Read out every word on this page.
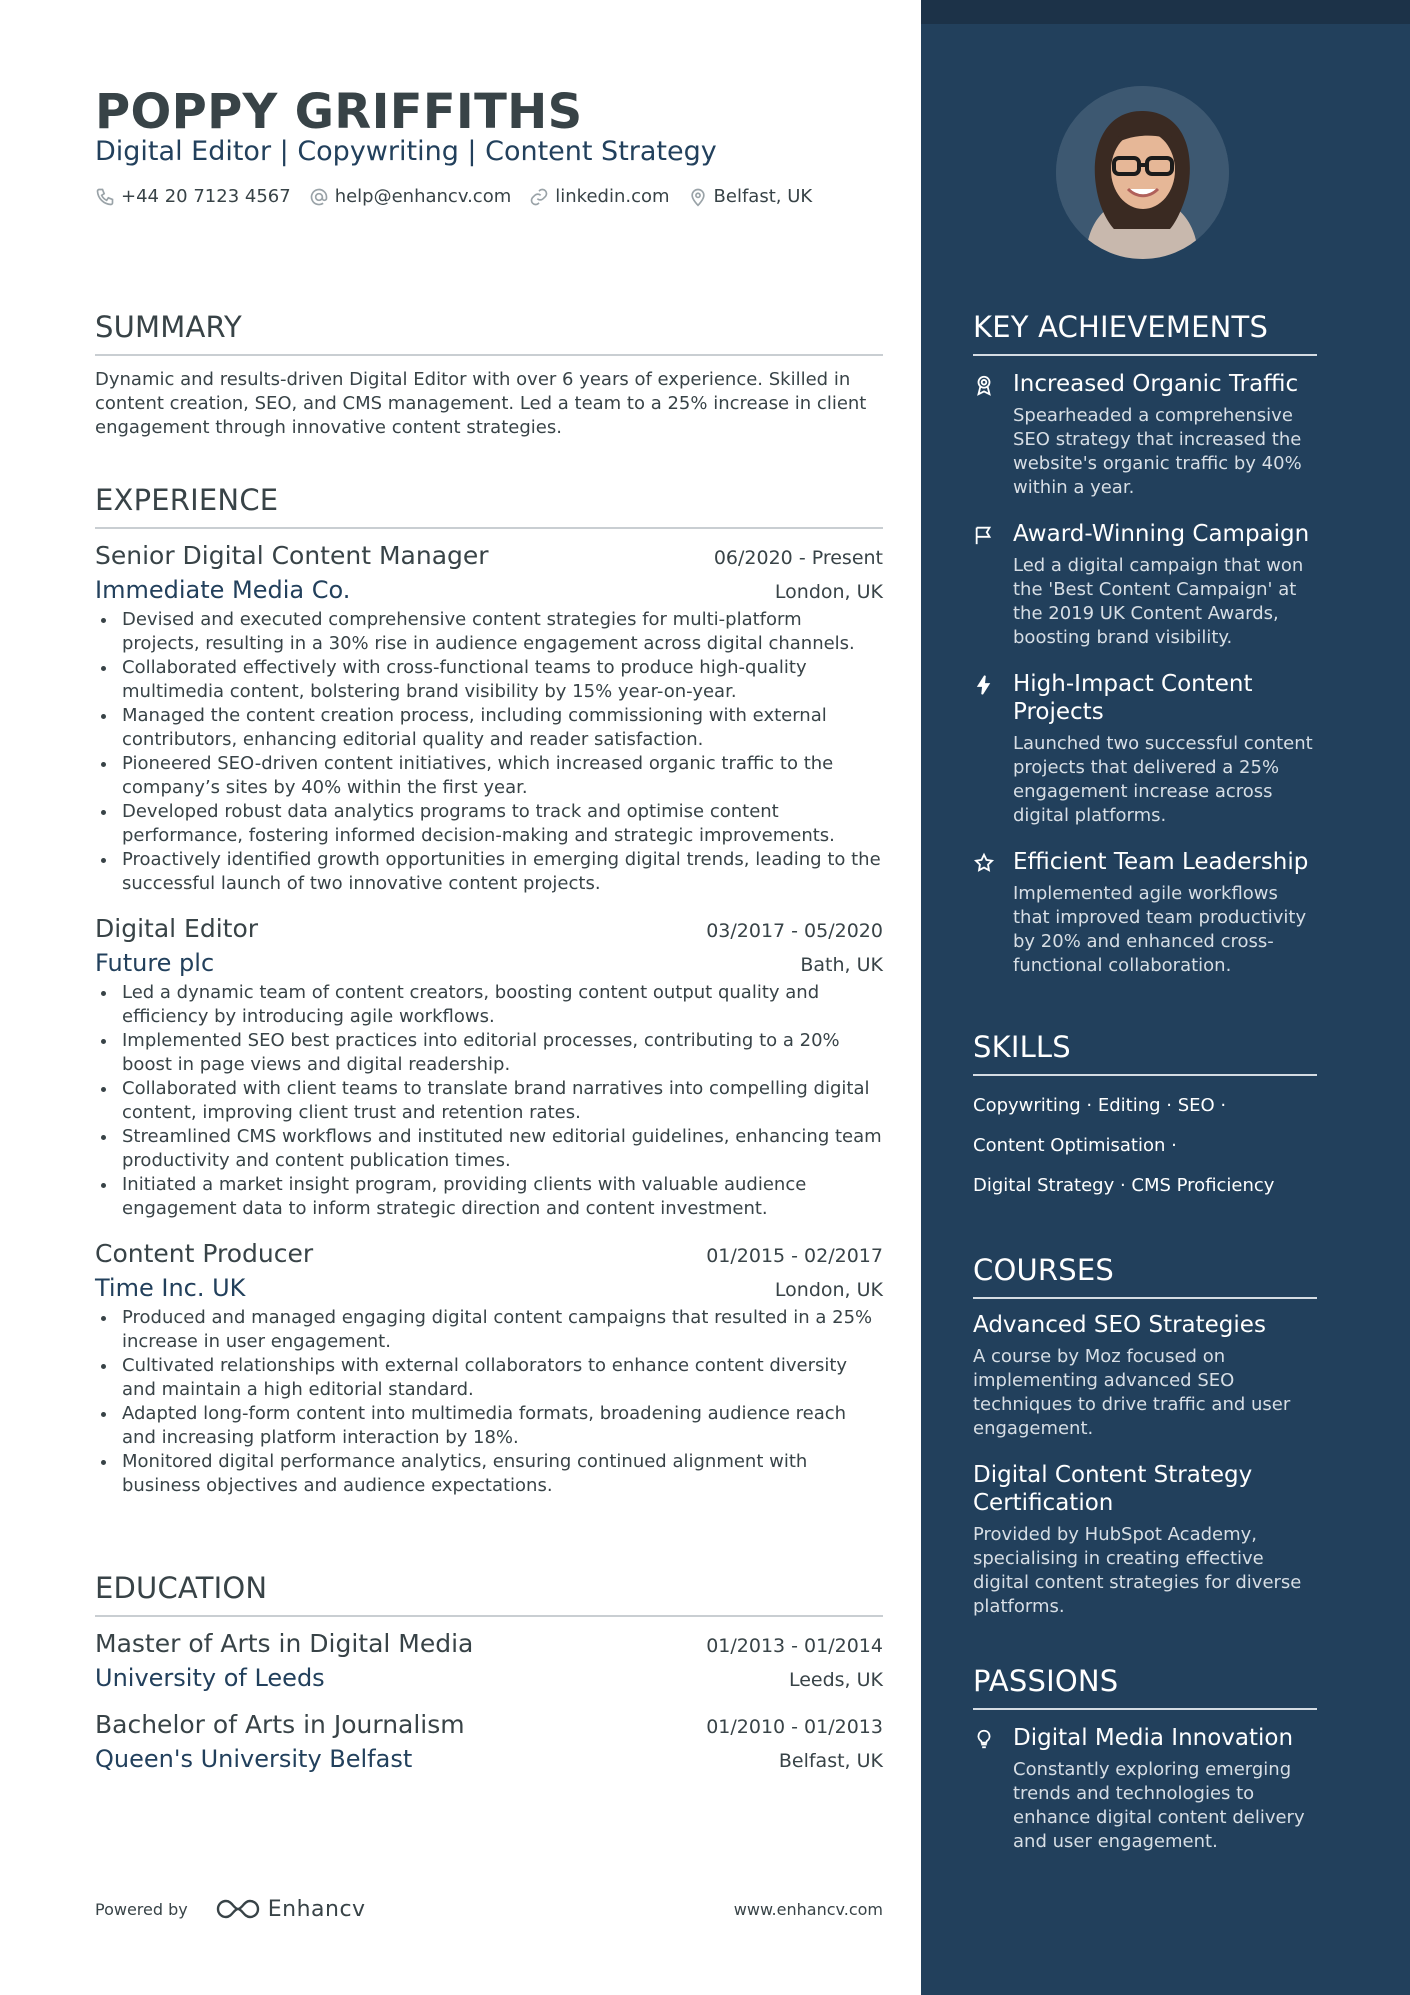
POPPY GRIFFITHS
Digital Editor | Copywriting | Content Strategy
+44 20 7123 4567 help@enhancv.com linkedin.com Belfast, UK
SUMMARY
Dynamic and results-driven Digital Editor with over 6 years of experience. Skilled in content creation, SEO, and CMS management. Led a team to a 25% increase in client engagement through innovative content strategies.
EXPERIENCE
Senior Digital Content Manager	06/2020 - Present
Immediate Media Co.	London, UK
Devised and executed comprehensive content strategies for multi-platform projects, resulting in a 30% rise in audience engagement across digital channels.
Collaborated effectively with cross-functional teams to produce high-quality multimedia content, bolstering brand visibility by 15% year-on-year.
Managed the content creation process, including commissioning with external contributors, enhancing editorial quality and reader satisfaction.
Pioneered SEO-driven content initiatives, which increased organic traffic to the company’s sites by 40% within the first year.
Developed robust data analytics programs to track and optimise content performance, fostering informed decision-making and strategic improvements.
Proactively identified growth opportunities in emerging digital trends, leading to the successful launch of two innovative content projects.
Digital Editor	03/2017 - 05/2020
Future plc	Bath, UK
Led a dynamic team of content creators, boosting content output quality and efficiency by introducing agile workflows.
Implemented SEO best practices into editorial processes, contributing to a 20% boost in page views and digital readership.
Collaborated with client teams to translate brand narratives into compelling digital content, improving client trust and retention rates.
Streamlined CMS workflows and instituted new editorial guidelines, enhancing team productivity and content publication times.
Initiated a market insight program, providing clients with valuable audience engagement data to inform strategic direction and content investment.
Content Producer	01/2015 - 02/2017
Time Inc. UK	London, UK
Produced and managed engaging digital content campaigns that resulted in a 25% increase in user engagement.
Cultivated relationships with external collaborators to enhance content diversity and maintain a high editorial standard.
Adapted long-form content into multimedia formats, broadening audience reach and increasing platform interaction by 18%.
Monitored digital performance analytics, ensuring continued alignment with business objectives and audience expectations.
EDUCATION
Master of Arts in Digital Media	01/2013 - 01/2014
University of Leeds	Leeds, UK
Bachelor of Arts in Journalism	01/2010 - 01/2013
Queen's University Belfast	Belfast, UK
Powered by	Enhancv	www.enhancv.com
KEY ACHIEVEMENTS
Increased Organic Traffic
Spearheaded a comprehensive SEO strategy that increased the website's organic traffic by 40% within a year.
Award-Winning Campaign
Led a digital campaign that won the 'Best Content Campaign' at the 2019 UK Content Awards, boosting brand visibility.
High-Impact Content Projects
Launched two successful content projects that delivered a 25% engagement increase across digital platforms.
Efficient Team Leadership
Implemented agile workflows that improved team productivity by 20% and enhanced cross-functional collaboration.
SKILLS
Copywriting · Editing · SEO ·
Content Optimisation ·
Digital Strategy · CMS Proficiency
COURSES
Advanced SEO Strategies
A course by Moz focused on implementing advanced SEO techniques to drive traffic and user engagement.
Digital Content Strategy Certification
Provided by HubSpot Academy, specialising in creating effective digital content strategies for diverse platforms.
PASSIONS
Digital Media Innovation
Constantly exploring emerging trends and technologies to enhance digital content delivery and user engagement.
